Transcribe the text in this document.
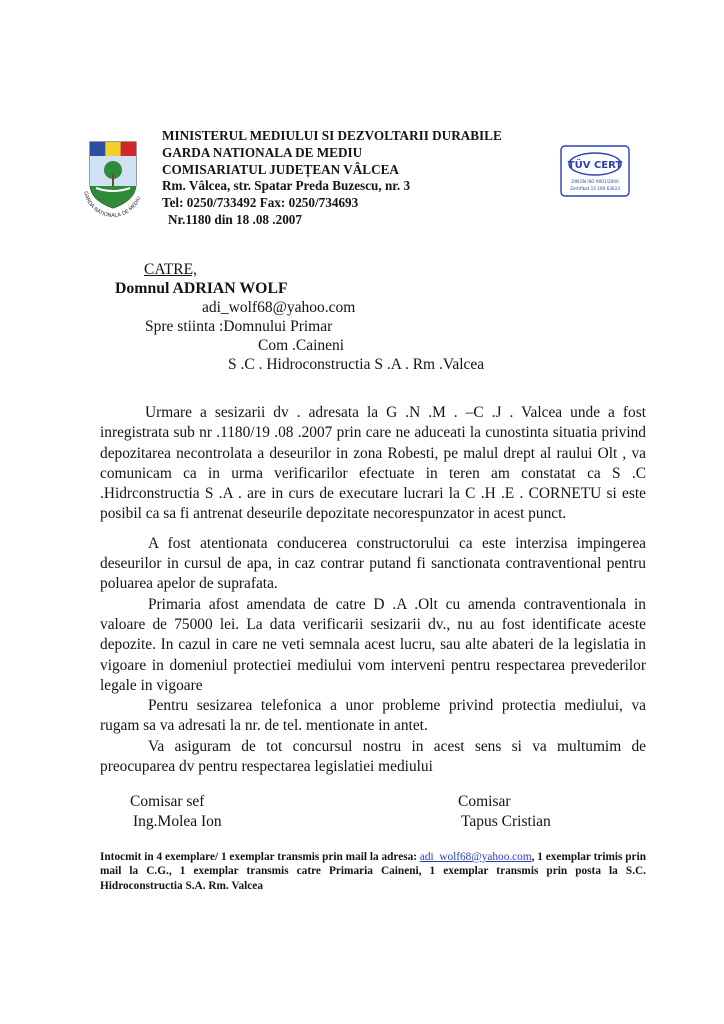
GARDA NATIONALA DE MEDIU
MINISTERUL MEDIULUI SI DEZVOLTARII DURABILE
GARDA NATIONALA DE MEDIU
COMISARIATUL JUDEȚEAN VÂLCEA
Rm. Vâlcea, str. Spatar Preda Buzescu, nr. 3
Tel: 0250/733492 Fax: 0250/734693
Nr.1180 din 18 .08 .2007
TÜV CERT
DIN EN ISO 9001/2000
Zertifikat 15 100 63623
CATRE,
Domnul ADRIAN WOLF
adi_wolf68@yahoo.com
Spre stiinta :Domnului Primar
Com .Caineni
S .C . Hidroconstructia S .A . Rm .Valcea

Urmare a sesizarii dv . adresata la G .N .M . –C .J . Valcea unde a fost inregistrata sub nr .1180/19 .08 .2007 prin care ne aduceati la cunostinta situatia privind depozitarea necontrolata a deseurilor in zona Robesti, pe malul drept al raului Olt , va comunicam ca in urma verificarilor efectuate in teren am constatat ca S .C .Hidrconstructia S .A . are in curs de executare lucrari la C .H .E . CORNETU si este posibil ca sa fi antrenat deseurile depozitate necorespunzator in acest punct.

A fost atentionata conducerea constructorului ca este interzisa impingerea deseurilor in cursul de apa, in caz contrar putand fi sanctionata contraventional pentru poluarea apelor de suprafata.

Primaria afost amendata de catre D .A .Olt cu amenda contraventionala in valoare de 75000 lei. La data verificarii sesizarii dv., nu au fost identificate aceste depozite. In cazul in care ne veti semnala acest lucru, sau alte abateri de la legislatia in vigoare in domeniul protectiei mediului vom interveni pentru respectarea prevederilor legale in vigoare

Pentru sesizarea telefonica a unor probleme privind protectia mediului, va rugam sa va adresati la nr. de tel. mentionate in antet.

Va asiguram de tot concursul nostru in acest sens si va multumim de preocuparea dv pentru respectarea legislatiei mediului

Comisar sef
Ing.Molea Ion
Comisar
Tapus Cristian
Intocmit in 4 exemplare/ 1 exemplar transmis prin mail la adresa: adi_wolf68@yahoo.com, 1 exemplar trimis prin mail la C.G., 1 exemplar transmis catre Primaria Caineni, 1 exemplar transmis prin posta la S.C. Hidroconstructia S.A. Rm. Valcea
